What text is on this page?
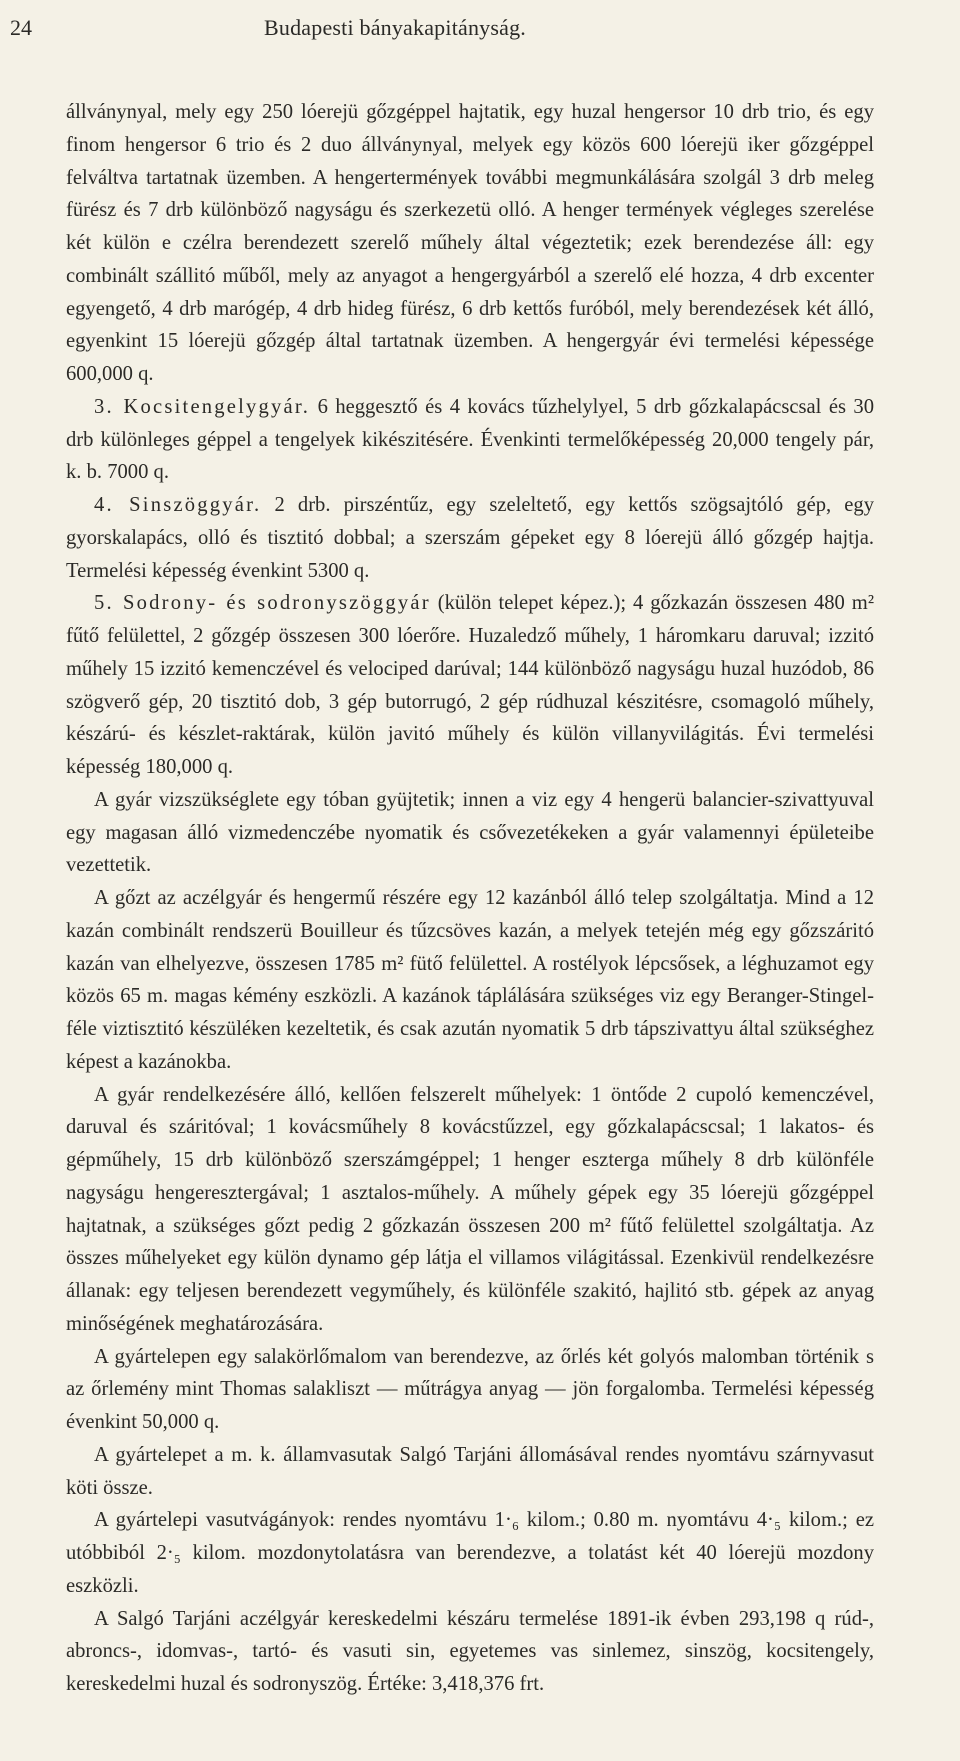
24	Budapesti bányakapitányság.

állványnyal, mely egy 250 lóerejü gőzgéppel hajtatik, egy huzal hengersor 10 drb trio, és egy finom hengersor 6 trio és 2 duo állványnyal, melyek egy közös 600 lóerejü iker gőzgéppel felváltva tartatnak üzemben. A hengertermények további megmunkálására szolgál 3 drb meleg fürész és 7 drb különböző nagyságu és szerkezetü olló. A henger termények végleges szerelése két külön e czélra berendezett szerelő műhely által végeztetik; ezek berendezése áll: egy combinált szállitó műből, mely az anyagot a hengergyárból a szerelő elé hozza, 4 drb excenter egyengető, 4 drb marógép, 4 drb hideg fürész, 6 drb kettős furóból, mely berendezések két álló, egyenkint 15 lóerejü gőzgép által tartatnak üzemben. A hengergyár évi termelési képessége 600,000 q.

3. Kocsitengelygyár. 6 heggesztő és 4 kovács tűzhelylyel, 5 drb gőzkalapácscsal és 30 drb különleges géppel a tengelyek kikészitésére. Évenkinti termelőképesség 20,000 tengely pár, k. b. 7000 q.

4. Sinszöggyár. 2 drb. pirszéntűz, egy szeleltető, egy kettős szögsajtóló gép, egy gyorskalapács, olló és tisztitó dobbal; a szerszám gépeket egy 8 lóerejü álló gőzgép hajtja. Termelési képesség évenkint 5300 q.

5. Sodrony- és sodronyszöggyár (külön telepet képez.); 4 gőzkazán összesen 480 m² fűtő felülettel, 2 gőzgép összesen 300 lóerőre. Huzaledző műhely, 1 háromkaru daruval; izzitó műhely 15 izzitó kemenczével és velociped darúval; 144 különböző nagyságu huzal huzódob, 86 szögverő gép, 20 tisztitó dob, 3 gép butorrugó, 2 gép rúdhuzal készitésre, csomagoló műhely, készárú- és készlet-raktárak, külön javitó műhely és külön villanyvilágitás. Évi termelési képesség 180,000 q.

A gyár vizszükséglete egy tóban gyüjtetik; innen a viz egy 4 hengerü balancier-szivattyuval egy magasan álló vizmedenczébe nyomatik és csővezetékeken a gyár valamennyi épületeibe vezettetik.

A gőzt az aczélgyár és hengermű részére egy 12 kazánból álló telep szolgáltatja. Mind a 12 kazán combinált rendszerü Bouilleur és tűzcsöves kazán, a melyek tetején még egy gőzszáritó kazán van elhelyezve, összesen 1785 m² fütő felülettel. A rostélyok lépcsősek, a léghuzamot egy közös 65 m. magas kémény eszközli. A kazánok táplálására szükséges viz egy Beranger-Stingel-féle viztisztitó készüléken kezeltetik, és csak azután nyomatik 5 drb tápszivattyu által szükséghez képest a kazánokba.

A gyár rendelkezésére álló, kellően felszerelt műhelyek: 1 öntőde 2 cupoló kemenczével, daruval és száritóval; 1 kovácsműhely 8 kovácstűzzel, egy gőzkalapácscsal; 1 lakatos- és gépműhely, 15 drb különböző szerszámgéppel; 1 henger eszterga műhely 8 drb különféle nagyságu hengeresztergával; 1 asztalos-műhely. A műhely gépek egy 35 lóerejü gőzgéppel hajtatnak, a szükséges gőzt pedig 2 gőzkazán összesen 200 m² fűtő felülettel szolgáltatja. Az összes műhelyeket egy külön dynamo gép látja el villamos világitással. Ezenkivül rendelkezésre állanak: egy teljesen berendezett vegyműhely, és különféle szakitó, hajlitó stb. gépek az anyag minőségének meghatározására.

A gyártelepen egy salakörlőmalom van berendezve, az őrlés két golyós malomban történik s az őrlemény mint Thomas salakliszt — műtrágya anyag — jön forgalomba. Termelési képesség évenkint 50,000 q.

A gyártelepet a m. k. államvasutak Salgó Tarjáni állomásával rendes nyomtávu szárnyvasut köti össze.

A gyártelepi vasutvágányok: rendes nyomtávu 1·₆ kilom.; 0.80 m. nyomtávu 4·₅ kilom.; ez utóbbiból 2·₅ kilom. mozdonytolatásra van berendezve, a tolatást két 40 lóerejü mozdony eszközli.

A Salgó Tarjáni aczélgyár kereskedelmi készáru termelése 1891-ik évben 293,198 q rúd-, abroncs-, idomvas-, tartó- és vasuti sin, egyetemes vas sinlemez, sinszög, kocsitengely, kereskedelmi huzal és sodronyszög. Értéke: 3,418,376 frt.
